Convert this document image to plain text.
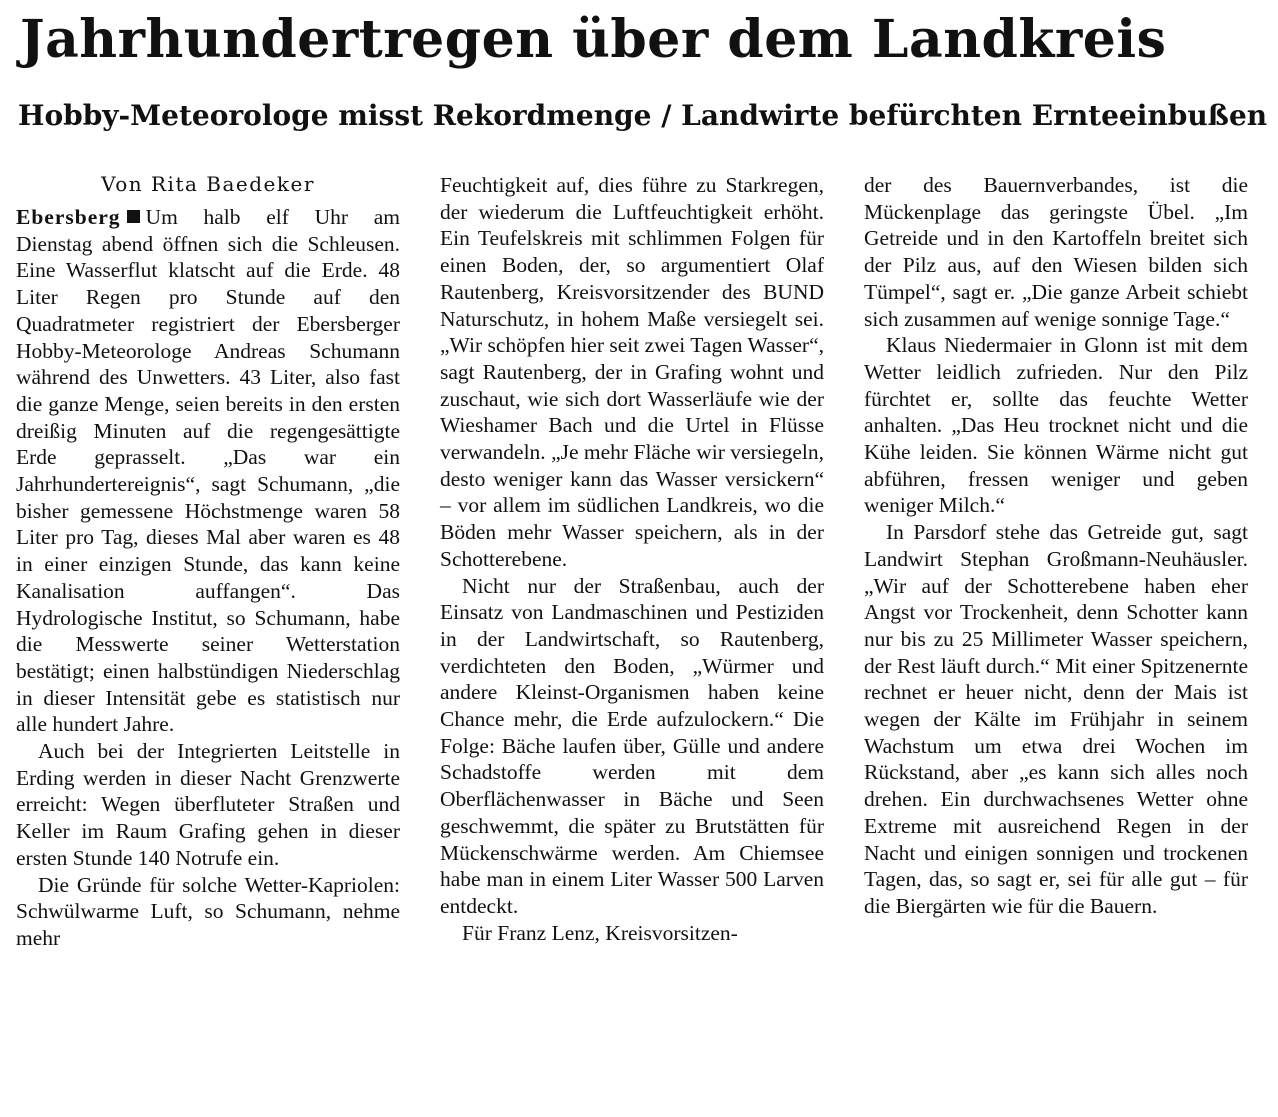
Jahrhundertregen über dem Landkreis
Hobby-Meteorologe misst Rekordmenge / Landwirte befürchten Ernteeinbußen
Von Rita Baedeker

Ebersberg Um halb elf Uhr am Dienstag abend öffnen sich die Schleusen. Eine Wasserflut klatscht auf die Erde. 48 Liter Regen pro Stunde auf den Quadratmeter registriert der Ebersberger Hobby-Meteorologe Andreas Schumann während des Unwetters. 43 Liter, also fast die ganze Menge, seien bereits in den ersten dreißig Minuten auf die regengesättigte Erde geprasselt. „Das war ein Jahrhundertereignis“, sagt Schumann, „die bisher gemessene Höchstmenge waren 58 Liter pro Tag, dieses Mal aber waren es 48 in einer einzigen Stunde, das kann keine Kanalisation auffangen“. Das Hydrologische Institut, so Schumann, habe die Messwerte seiner Wetterstation bestätigt; einen halbstündigen Niederschlag in dieser Intensität gebe es statistisch nur alle hundert Jahre.

Auch bei der Integrierten Leitstelle in Erding werden in dieser Nacht Grenzwerte erreicht: Wegen überfluteter Straßen und Keller im Raum Grafing gehen in dieser ersten Stunde 140 Notrufe ein.

Die Gründe für solche Wetter-Kapriolen: Schwülwarme Luft, so Schumann, nehme mehr

Feuchtigkeit auf, dies führe zu Starkregen, der wiederum die Luftfeuchtigkeit erhöht. Ein Teufelskreis mit schlimmen Folgen für einen Boden, der, so argumentiert Olaf Rautenberg, Kreisvorsitzender des BUND Naturschutz, in hohem Maße versiegelt sei. „Wir schöpfen hier seit zwei Tagen Wasser“, sagt Rautenberg, der in Grafing wohnt und zuschaut, wie sich dort Wasserläufe wie der Wieshamer Bach und die Urtel in Flüsse verwandeln. „Je mehr Fläche wir versiegeln, desto weniger kann das Wasser versickern“ – vor allem im südlichen Landkreis, wo die Böden mehr Wasser speichern, als in der Schotterebene.

Nicht nur der Straßenbau, auch der Einsatz von Landmaschinen und Pestiziden in der Landwirtschaft, so Rautenberg, verdichteten den Boden, „Würmer und andere Kleinst-Organismen haben keine Chance mehr, die Erde aufzulockern.“ Die Folge: Bäche laufen über, Gülle und andere Schadstoffe werden mit dem Oberflächenwasser in Bäche und Seen geschwemmt, die später zu Brutstätten für Mückenschwärme werden. Am Chiemsee habe man in einem Liter Wasser 500 Larven entdeckt.

Für Franz Lenz, Kreisvorsitzen-

der des Bauernverbandes, ist die Mückenplage das geringste Übel. „Im Getreide und in den Kartoffeln breitet sich der Pilz aus, auf den Wiesen bilden sich Tümpel“, sagt er. „Die ganze Arbeit schiebt sich zusammen auf wenige sonnige Tage.“

Klaus Niedermaier in Glonn ist mit dem Wetter leidlich zufrieden. Nur den Pilz fürchtet er, sollte das feuchte Wetter anhalten. „Das Heu trocknet nicht und die Kühe leiden. Sie können Wärme nicht gut abführen, fressen weniger und geben weniger Milch.“

In Parsdorf stehe das Getreide gut, sagt Landwirt Stephan Großmann-Neuhäusler. „Wir auf der Schotterebene haben eher Angst vor Trockenheit, denn Schotter kann nur bis zu 25 Millimeter Wasser speichern, der Rest läuft durch.“ Mit einer Spitzenernte rechnet er heuer nicht, denn der Mais ist wegen der Kälte im Frühjahr in seinem Wachstum um etwa drei Wochen im Rückstand, aber „es kann sich alles noch drehen. Ein durchwachsenes Wetter ohne Extreme mit ausreichend Regen in der Nacht und einigen sonnigen und trockenen Tagen, das, so sagt er, sei für alle gut – für die Biergärten wie für die Bauern.
